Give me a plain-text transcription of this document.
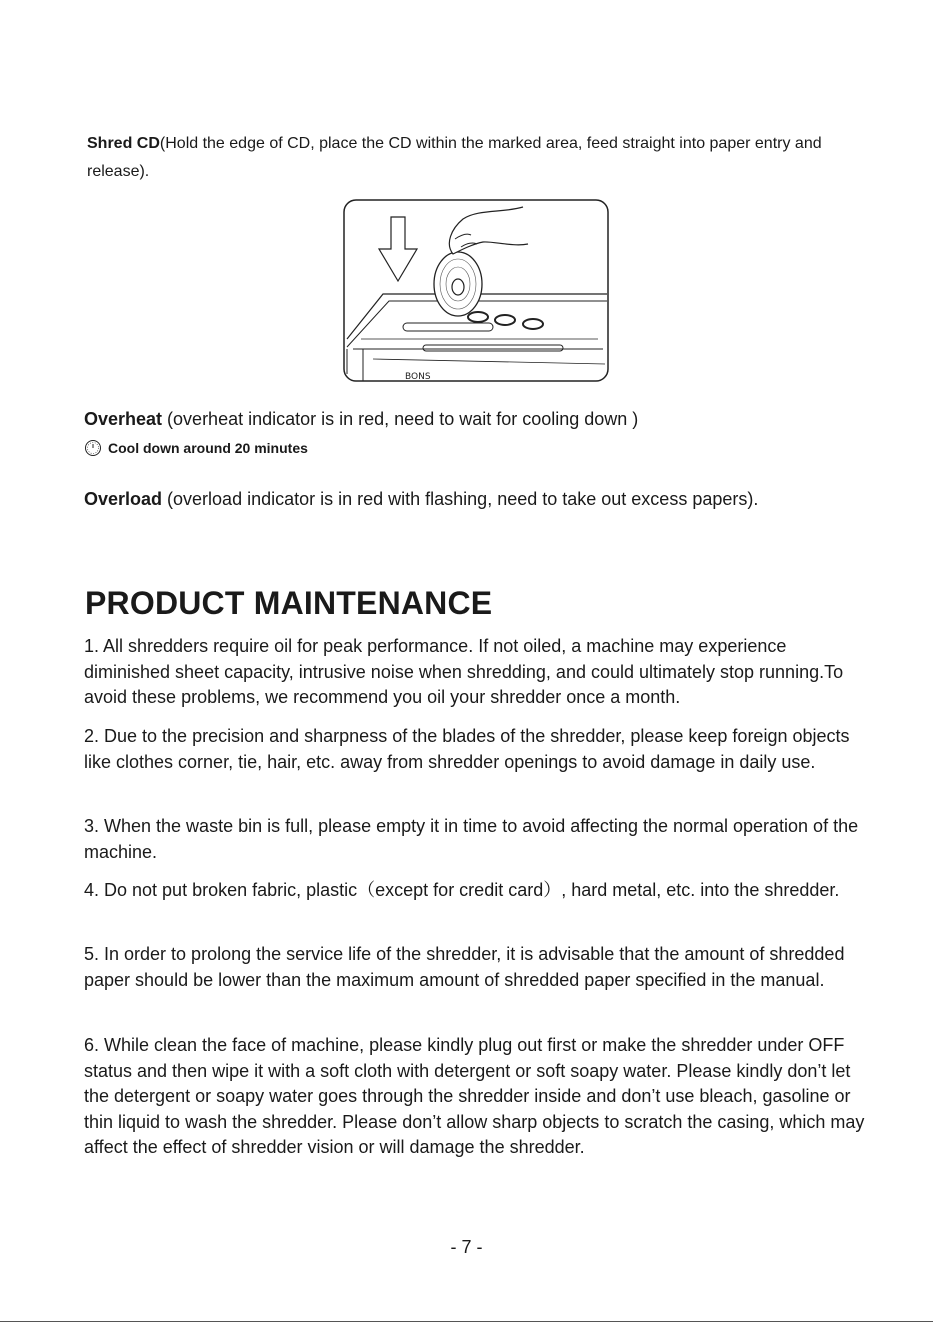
Shred CD(Hold the edge of CD, place the CD within the marked area, feed straight into paper entry and release).
BONS
Overheat (overheat indicator is in red, need to wait for cooling down )
Cool down around 20 minutes
Overload (overload indicator is in red with flashing, need to take out excess papers).
PRODUCT MAINTENANCE
1. All shredders require oil for peak performance. If not oiled, a machine may experience diminished sheet capacity, intrusive noise when shredding, and could ultimately stop running.To avoid these problems, we recommend you oil your shredder once a month.
2. Due to the precision and sharpness of the blades of the shredder, please keep foreign objects like clothes corner, tie, hair, etc. away from shredder openings to avoid damage in daily use.
3. When the waste bin is full, please empty it in time to avoid affecting the normal operation of the machine.
4. Do not put broken fabric, plastic（except for credit card）, hard metal, etc. into the shredder.
5. In order to prolong the service life of the shredder, it is advisable that the amount of shredded paper should be lower than the maximum amount of shredded paper specified in the manual.
6. While clean the face of machine, please kindly plug out first or make the shredder under OFF status and then wipe it with a soft cloth with detergent or soft soapy water. Please kindly don’t let the detergent or soapy water goes through the shredder inside and don’t use bleach, gasoline or thin liquid to wash the shredder. Please don’t allow sharp objects to scratch the casing, which may affect the effect of shredder vision or will damage the shredder.
- 7 -
